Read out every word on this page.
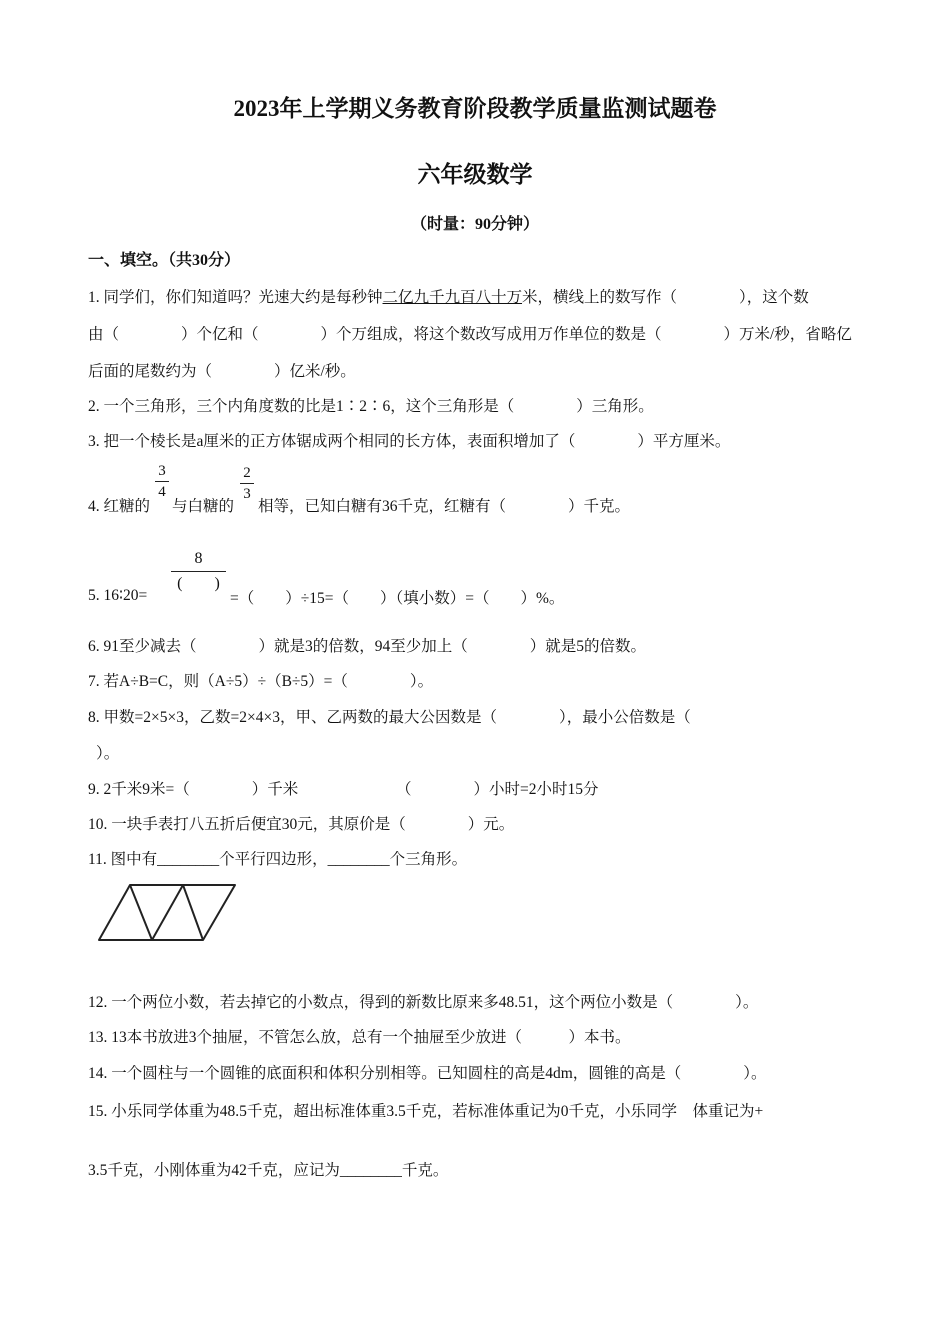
2023年上学期义务教育阶段教学质量监测试题卷
六年级数学
（时量：90分钟）
一、填空。（共30分）
1. 同学们，你们知道吗？光速大约是每秒钟二亿九千九百八十万米，横线上的数写作（　　　　），这个数
由（　　　　）个亿和（　　　　）个万组成，将这个数改写成用万作单位的数是（　　　　）万米/秒，省略亿
后面的尾数约为（　　　　）亿米/秒。
2. 一个三角形，三个内角度数的比是1∶2∶6，这个三角形是（　　　　）三角形。
3. 把一个棱长是a厘米的正方体锯成两个相同的长方体，表面积增加了（　　　　）平方厘米。
4. 红糖的
3
4
与白糖的
2
3
相等，已知白糖有36千克，红糖有（　　　　）千克。
5. 16∶20=
8
(　　)
=（　　）÷15=（　　）（填小数）=（　　）%。
6. 91至少减去（　　　　）就是3的倍数，94至少加上（　　　　）就是5的倍数。
7. 若A÷B=C，则（A÷5）÷（B÷5）=（　　　　）。
8. 甲数=2×5×3，乙数=2×4×3，甲、乙两数的最大公因数是（　　　　），最小公倍数是（
）。
9. 2千米9米=（　　　　）千米	（　　　　）小时=2小时15分
10. 一块手表打八五折后便宜30元，其原价是（　　　　）元。
11. 图中有________个平行四边形，________个三角形。
12. 一个两位小数，若去掉它的小数点，得到的新数比原来多48.51，这个两位小数是（　　　　）。
13. 13本书放进3个抽屉，不管怎么放，总有一个抽屉至少放进（　　　）本书。
14. 一个圆柱与一个圆锥的底面积和体积分别相等。已知圆柱的高是4dm，圆锥的高是（　　　　）。
15. 小乐同学体重为48.5千克，超出标准体重3.5千克，若标准体重记为0千克，小乐同学　体重记为+
3.5千克，小刚体重为42千克，应记为________千克。
